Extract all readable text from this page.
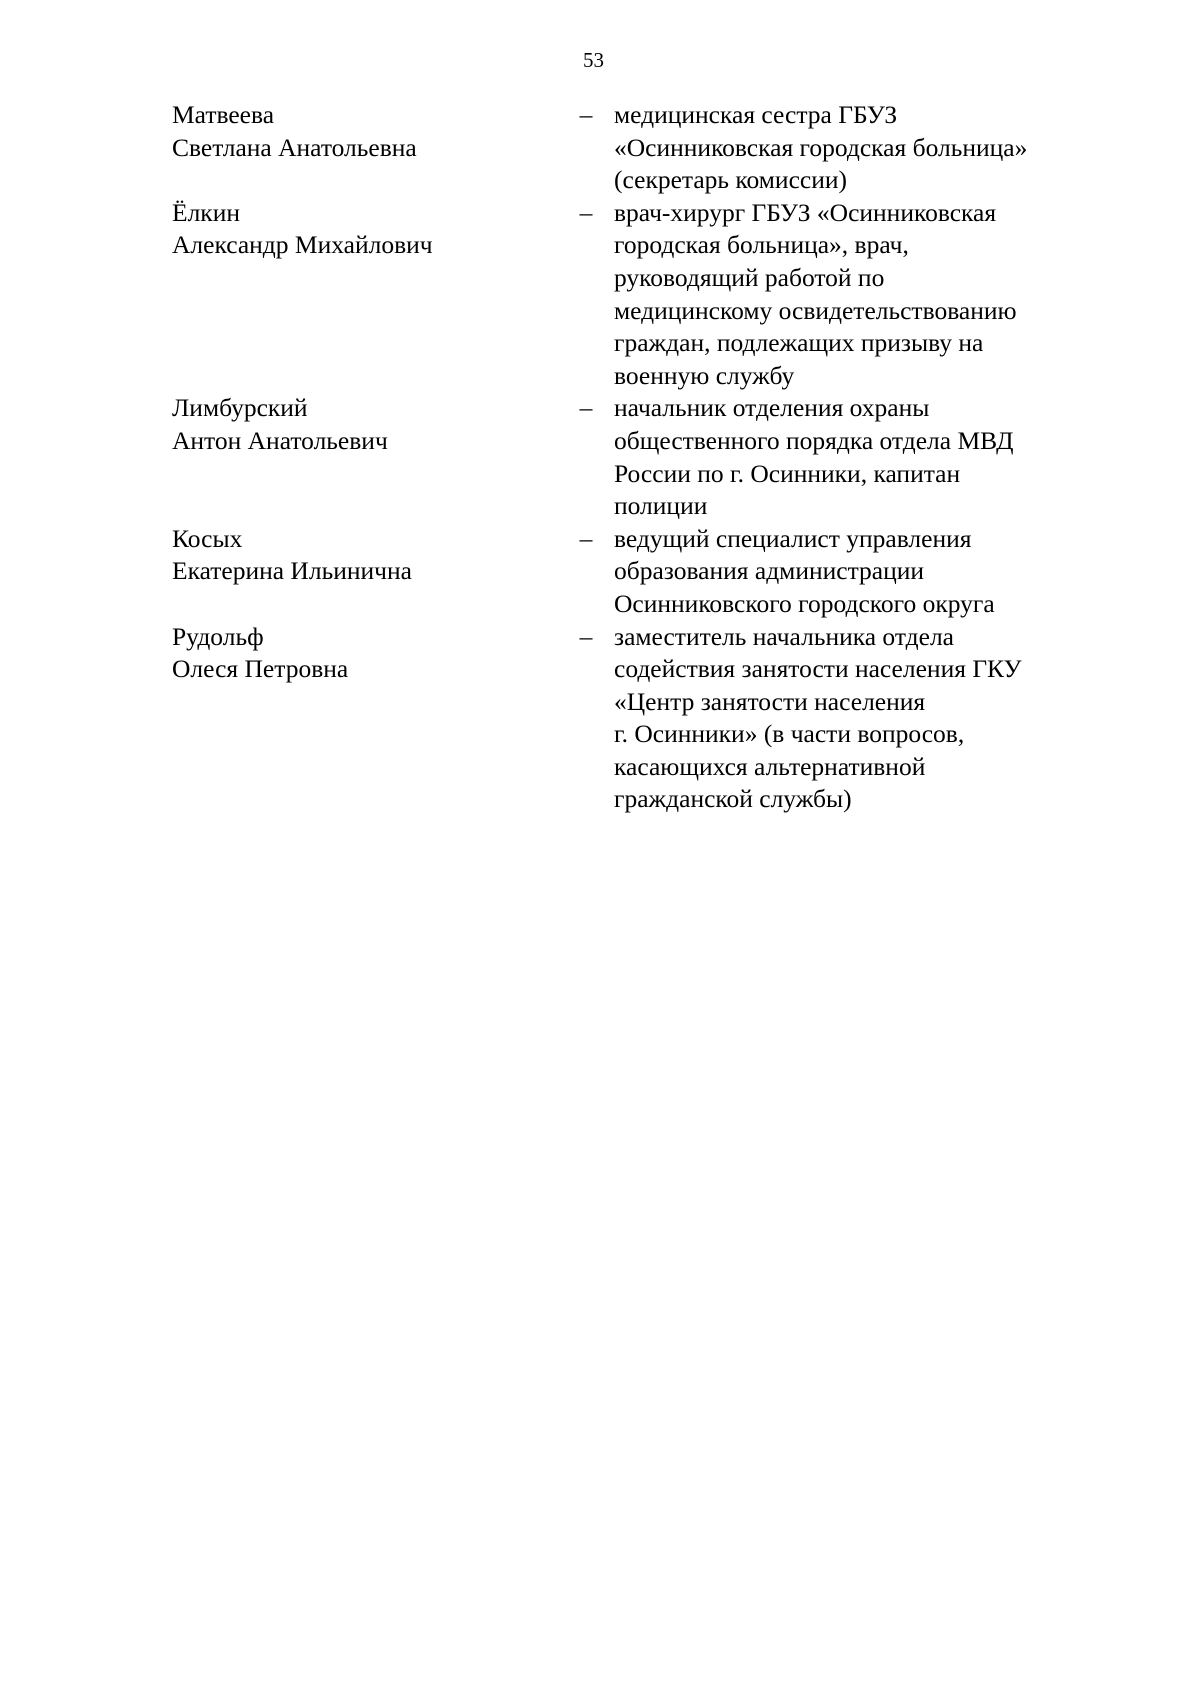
53
Матвеева
Светлана Анатольевна
– медицинская сестра ГБУЗ
«Осинниковская городская больница»
(секретарь комиссии)
Ёлкин
Александр Михайлович
– врач-хирург ГБУЗ «Осинниковская
городская больница», врач,
руководящий работой по
медицинскому освидетельствованию
граждан, подлежащих призыву на
военную службу
Лимбурский
Антон Анатольевич
– начальник отделения охраны
общественного порядка отдела МВД
России по г. Осинники, капитан
полиции
Косых
Екатерина Ильинична
– ведущий специалист управления
образования администрации
Осинниковского городского округа
Рудольф
Олеся Петровна
– заместитель начальника отдела
содействия занятости населения ГКУ
«Центр занятости населения
г. Осинники» (в части вопросов,
касающихся альтернативной
гражданской службы)
